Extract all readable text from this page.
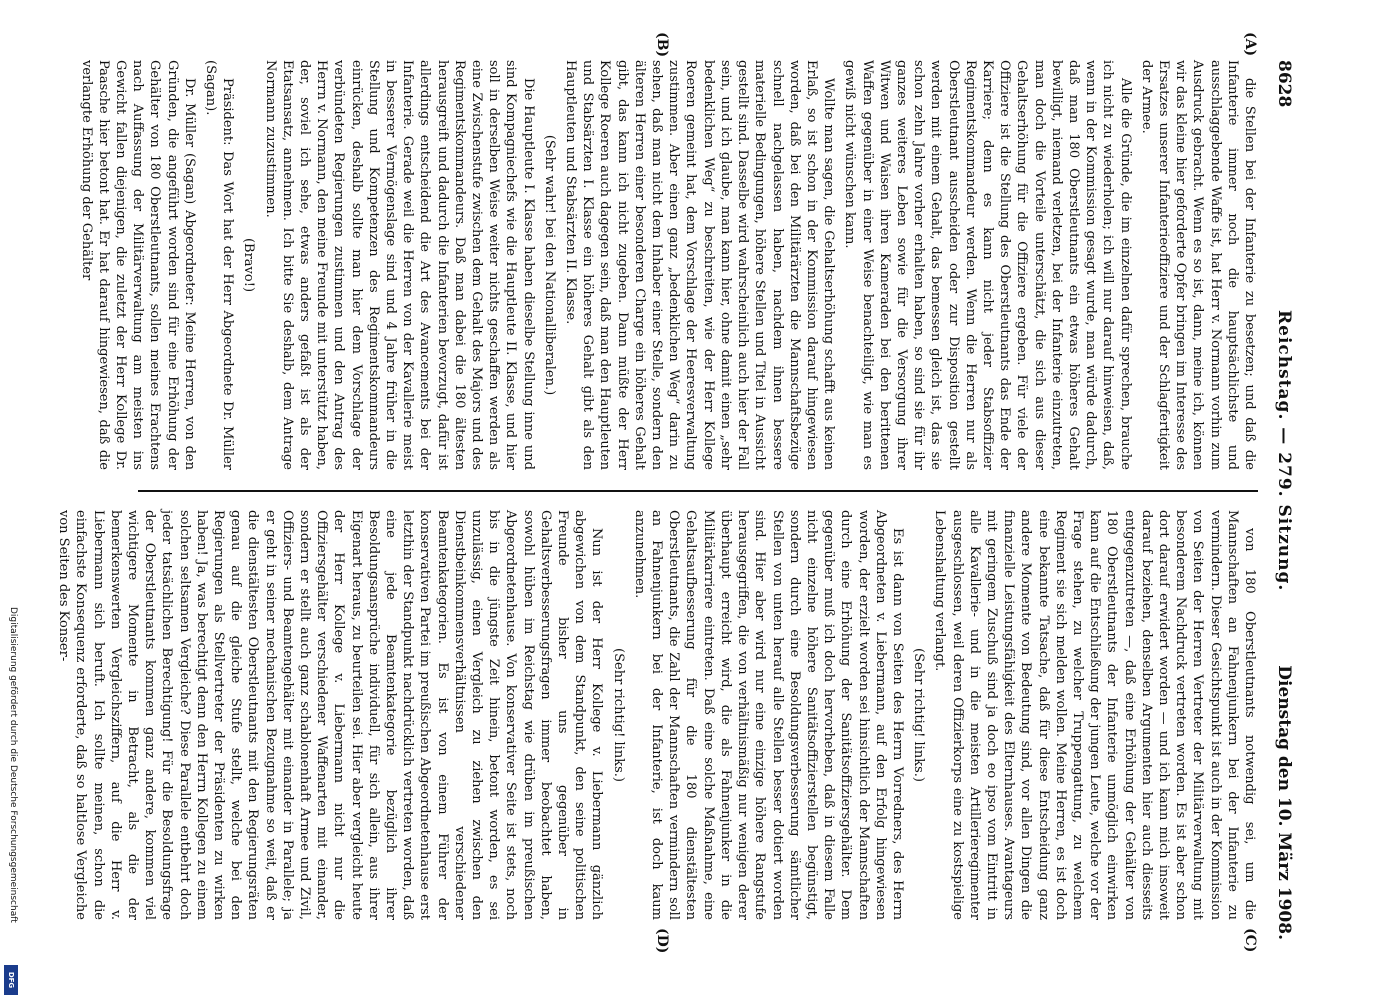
Digitalisierung gefördert durch die Deutsche Forschungsgemeinschaft
DFG
8628
Reichstag. — 279. Sitzung.
Dienstag den 10. März 1908.
(A)
(B)
(C)
(D)

die Stellen bei der Infanterie zu besetzen; und daß die Infanterie immer noch die hauptsächlichste und ausschlaggebende Waffe ist, hat Herr v. Normann vorhin zum Ausdruck gebracht. Wenn es so ist, dann, meine ich, können wir das kleine hier geforderte Opfer bringen im Interesse des Ersatzes unserer Infanterieoffiziere und der Schlagfertigkeit der Armee.

Alle die Gründe, die im einzelnen dafür sprechen, brauche ich nicht zu wiederholen; ich will nur darauf hinweisen, daß, wenn in der Kommission gesagt wurde, man würde dadurch, daß man 180 Oberstleutnants ein etwas höheres Gehalt bewilligt, niemand verletzen, bei der Infanterie einzutreten, man doch die Vorteile unterschätzt, die sich aus dieser Gehaltserhöhung für die Offiziere ergeben. Für viele der Offiziere ist die Stellung des Oberstleutnants das Ende der Karriere; denn es kann nicht jeder Stabsoffizier Regimentskommandeur werden. Wenn die Herren nur als Oberstleutnant ausscheiden oder zur Disposition gestellt werden mit einem Gehalt, das bemessen gleich ist, das sie schon zehn Jahre vorher erhalten haben, so sind sie für ihr ganzes weiteres Leben sowie für die Versorgung ihrer Witwen und Waisen ihren Kameraden bei den berittenen Waffen gegenüber in einer Weise benachteiligt, wie man es gewiß nicht wünschen kann.

Wollte man sagen, die Gehaltserhöhung schafft aus keinen Erlaß, so ist schon in der Kommission darauf hingewiesen worden, daß bei den Militärärzten die Mannschaftsbezüge schnell nachgelassen haben, nachdem ihnen bessere materielle Bedingungen, höhere Stellen und Titel in Aussicht gestellt sind. Dasselbe wird wahrscheinlich auch hier der Fall sein, und ich glaube, man kann hier, ohne damit einen „sehr bedenklichen Weg“ zu beschreiten, wie der Herr Kollege Roeren gemeint hat, dem Vorschlage der Heeresverwaltung zustimmen. Aber einen ganz „bedenklichen Weg“ darin zu sehen, daß man nicht dem Inhaber einer Stelle, sondern den älteren Herren einer besonderen Charge ein höheres Gehalt gibt, das kann ich nicht zugeben. Dann müßte der Herr Kollege Roeren auch dagegen sein, daß man den Hauptleuten und Stabsärzten I. Klasse ein höheres Gehalt gibt als den Hauptleuten und Stabsärzten II. Klasse.

(Sehr wahr! bei den Nationalliberalen.)

Die Hauptleute I. Klasse haben dieselbe Stellung inne und sind Kompagniechefs wie die Hauptleute II. Klasse, und hier soll in derselben Weise weiter nichts geschaffen werden als eine Zwischenstufe zwischen dem Gehalt des Majors und des Regimentskommandeurs. Daß man dabei die 180 ältesten herausgreift und dadurch die Infanterien bevorzugt, dafür ist allerdings entscheidend die Art des Avancements bei der Infanterie. Gerade weil die Herren von der Kavallerie meist in besserer Vermögenslage sind und 4 Jahre früher in die Stellung und Kompetenzen des Regimentskommandeurs einrücken, deshalb sollte man hier dem Vorschlage der verbündeten Regierungen zustimmen und den Antrag des Herrn v. Normann, den meine Freunde mit unterstützt haben, der, soviel ich sehe, etwas anders gefaßt ist als der Etatsansatz, annehmen. Ich bitte Sie deshalb, dem Antrage Normann zuzustimmen.

(Bravo!)

Präsident: Das Wort hat der Herr Abgeordnete Dr. Müller (Sagan).

Dr. Müller (Sagan) Abgeordneter: Meine Herren, von den Gründen, die angeführt worden sind für eine Erhöhung der Gehälter von 180 Oberstleutnants, sollen meines Erachtens nach Auffassung der Militärverwaltung am meisten ins Gewicht fallen diejenigen, die zuletzt der Herr Kollege Dr. Paasche hier betont hat. Er hat darauf hingewiesen, daß die verlangte Erhöhung der Gehälter

von 180 Oberstleutnants notwendig sei, um die Mannschaften an Fahnenjunkern bei der Infanterie zu vermindern. Dieser Gesichtspunkt ist auch in der Kommission von Seiten der Herren Vertreter der Militärverwaltung mit besonderem Nachdruck vertreten worden. Es ist aber schon dort darauf erwidert worden — und ich kann mich insoweit darauf beziehen, denselben Argumenten hier auch diesseits entgegenzutreten —, daß eine Erhöhung der Gehälter von 180 Oberstleutnants der Infanterie unmöglich einwirken kann auf die Entschließung der jungen Leute, welche vor der Frage stehen, zu welcher Truppengattung, zu welchem Regiment sie sich melden wollen. Meine Herren, es ist doch eine bekannte Tatsache, daß für diese Entscheidung ganz andere Momente von Bedeutung sind, vor allen Dingen die finanzielle Leistungsfähigkeit des Elternhauses. Avantageurs mit geringem Zuschuß sind ja doch eo ipso vom Eintritt in alle Kavallerie- und in die meisten Artillerieregimenter ausgeschlossen, weil deren Offizierkorps eine zu kostspielige Lebenshaltung verlangt.

(Sehr richtig! links.)

Es ist dann von Seiten des Herrn Vorredners, des Herrn Abgeordneten v. Liebermann, auf den Erfolg hingewiesen worden, der erzielt worden sei hinsichtlich der Mannschaften durch eine Erhöhung der Sanitätsoffiziersgehälter. Dem gegenüber muß ich doch hervorheben, daß in diesem Falle nicht einzelne höhere Sanitätsoffizierstellen begünstigt, sondern durch eine Besoldungsverbesserung sämtlicher Stellen von unten herauf alle Stellen besser dotiert worden sind. Hier aber wird nur eine einzige höhere Rangstufe herausgegriffen, die von verhältnismäßig nur wenigen derer überhaupt erreicht wird, die als Fahnenjunker in die Militärkarriere eintreten. Daß eine solche Maßnahme, eine Gehaltsaufbesserung für die 180 dienstältesten Oberstleutnants, die Zahl der Mannschaften vermindern soll an Fahnenjunkern bei der Infanterie, ist doch kaum anzunehmen.

(Sehr richtig! links.)

Nun ist der Herr Kollege v. Liebermann gänzlich abgewichen von dem Standpunkt, den seine politischen Freunde bisher uns gegenüber in Gehaltsverbesserungsfragen immer beobachtet haben, sowohl hüben im Reichstag wie drüben im preußischen Abgeordnetenhause. Von konservativer Seite ist stets, noch bis in die jüngste Zeit hinein, betont worden, es sei unzulässig, einen Vergleich zu ziehen zwischen den Dienstbeinkommensverhältnissen verschiedener Beamtenkategorien. Es ist von einem Führer der konservativen Partei im preußischen Abgeordnetenhause erst letzthin der Standpunkt nachdrücklich vertreten worden, daß eine jede Beamtenkategorie bezüglich ihrer Besoldungsansprüche individuell, für sich allein, aus ihrer Eigenart heraus, zu beurteilen sei. Hier aber vergleicht heute der Herr Kollege v. Liebermann nicht nur die Offiziersgehälter verschiedener Waffenarten mit einander, sondern er stellt auch ganz schablonenhaft Armee und Zivil, Offiziers- und Beamtengehälter mit einander in Parallele; ja er geht in seiner mechanischen Bezugnahme so weit, daß er die dienstältesten Oberstleutnants mit den Regierungsräten genau auf die gleiche Stufe stellt, welche bei den Regierungen als Stellvertreter der Präsidenten zu wirken haben! Ja, was berechtigt denn den Herrn Kollegen zu einem solchen seltsamen Vergleiche? Diese Parallele entbehrt doch jeder tatsächlichen Berechtigung! Für die Besoldungsfrage der Oberstleutnants kommen ganz andere, kommen viel wichtigere Momente in Betracht, als die der bemerkenswerten Vergleichsziffern, auf die Herr v. Liebermann sich beruft. Ich sollte meinen, schon die einfachste Konsequenz erforderte, daß so haltlose Vergleiche von Seiten des Konser-
